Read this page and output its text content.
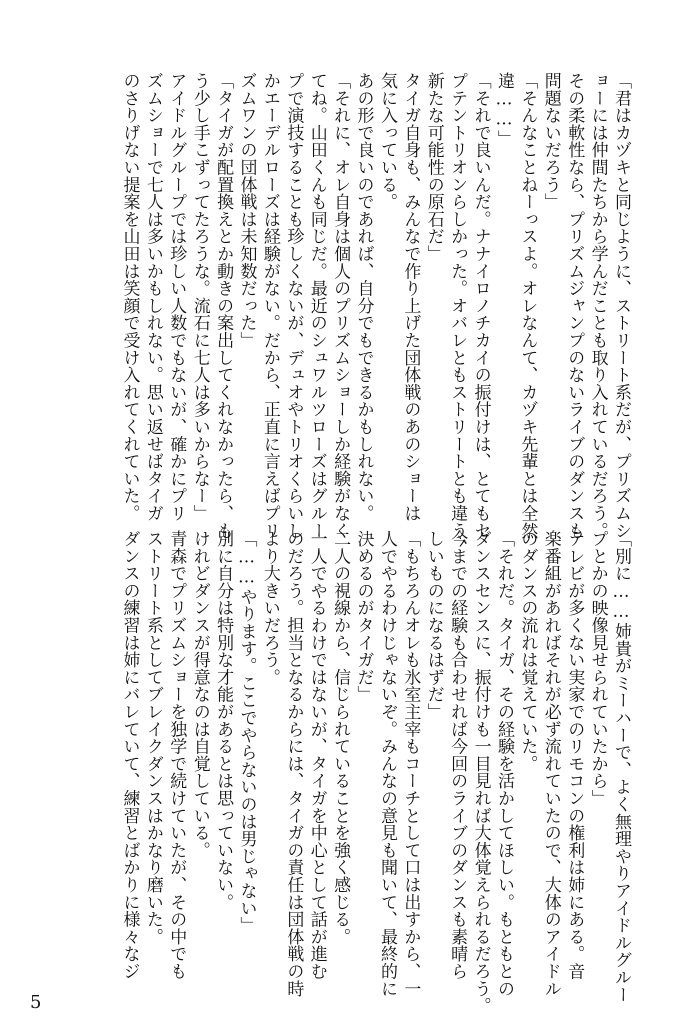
「君はカヅキと同じように、ストリート系だが、プリズムシ
ョーには仲間たちから学んだことも取り入れているだろう。
その柔軟性なら、プリズムジャンプのないライブのダンスも
問題ないだろう」
「そんなことねーっスよ。オレなんて、カヅキ先輩とは全然
違……」
「それで良いんだ。ナナイロノチカイの振付けは、とてもセ
プテントリオンらしかった。オバレともストリートとも違う、
新たな可能性の原石だ」
タイガ自身も、みんなで作り上げた団体戦のあのショーは
気に入っている。
あの形で良いのであれば、自分でもできるかもしれない。
「それに、オレ自身は個人のプリズムショーしか経験がなく
てね。山田くんも同じだ。最近のシュワルツローズはグルー
プで演技することも珍しくないが、デュオやトリオくらいし
かエーデルローズは経験がない。だから、正直に言えばプリ
ズムワンの団体戦は未知数だった」
「タイガが配置換えとか動きの案出してくれなかったら、も
う少し手こずってたろうな。流石に七人は多いからなー」
アイドルグループでは珍しい人数でもないが、確かにプリ
ズムショーで七人は多いかもしれない。思い返せばタイガ
のさりげない提案を山田は笑顔で受け入れてくれていた。
「別に……姉貴がミーハーで、よく無理やりアイドルグルー
プとかの映像見せられていたから」
テレビが多くない実家でのリモコンの権利は姉にある。音
楽番組があればそれが必ず流れていたので、大体のアイドル
のダンスの流れは覚えていた。
「それだ。タイガ、その経験を活かしてほしい。もともとの
ダンスセンスに、振付けも一目見れば大体覚えられるだろう。
今までの経験も合わせれば今回のライブのダンスも素晴ら
しいものになるはずだ」
「もちろんオレも氷室主宰もコーチとして口は出すから、一
人でやるわけじゃないぞ。みんなの意見も聞いて、最終的に
決めるのがタイガだ」
二人の視線から、信じられていることを強く感じる。
一人でやるわけではないが、タイガを中心として話が進む
のだろう。担当となるからには、タイガの責任は団体戦の時
より大きいだろう。
「……やります。ここでやらないのは男じゃない」
別に自分は特別な才能があるとは思っていない。
けれどダンスが得意なのは自覚している。
青森でプリズムショーを独学で続けていたが、その中でも
ストリート系としてブレイクダンスはかなり磨いた。
ダンスの練習は姉にバレていて、練習とばかりに様々なジ
5
